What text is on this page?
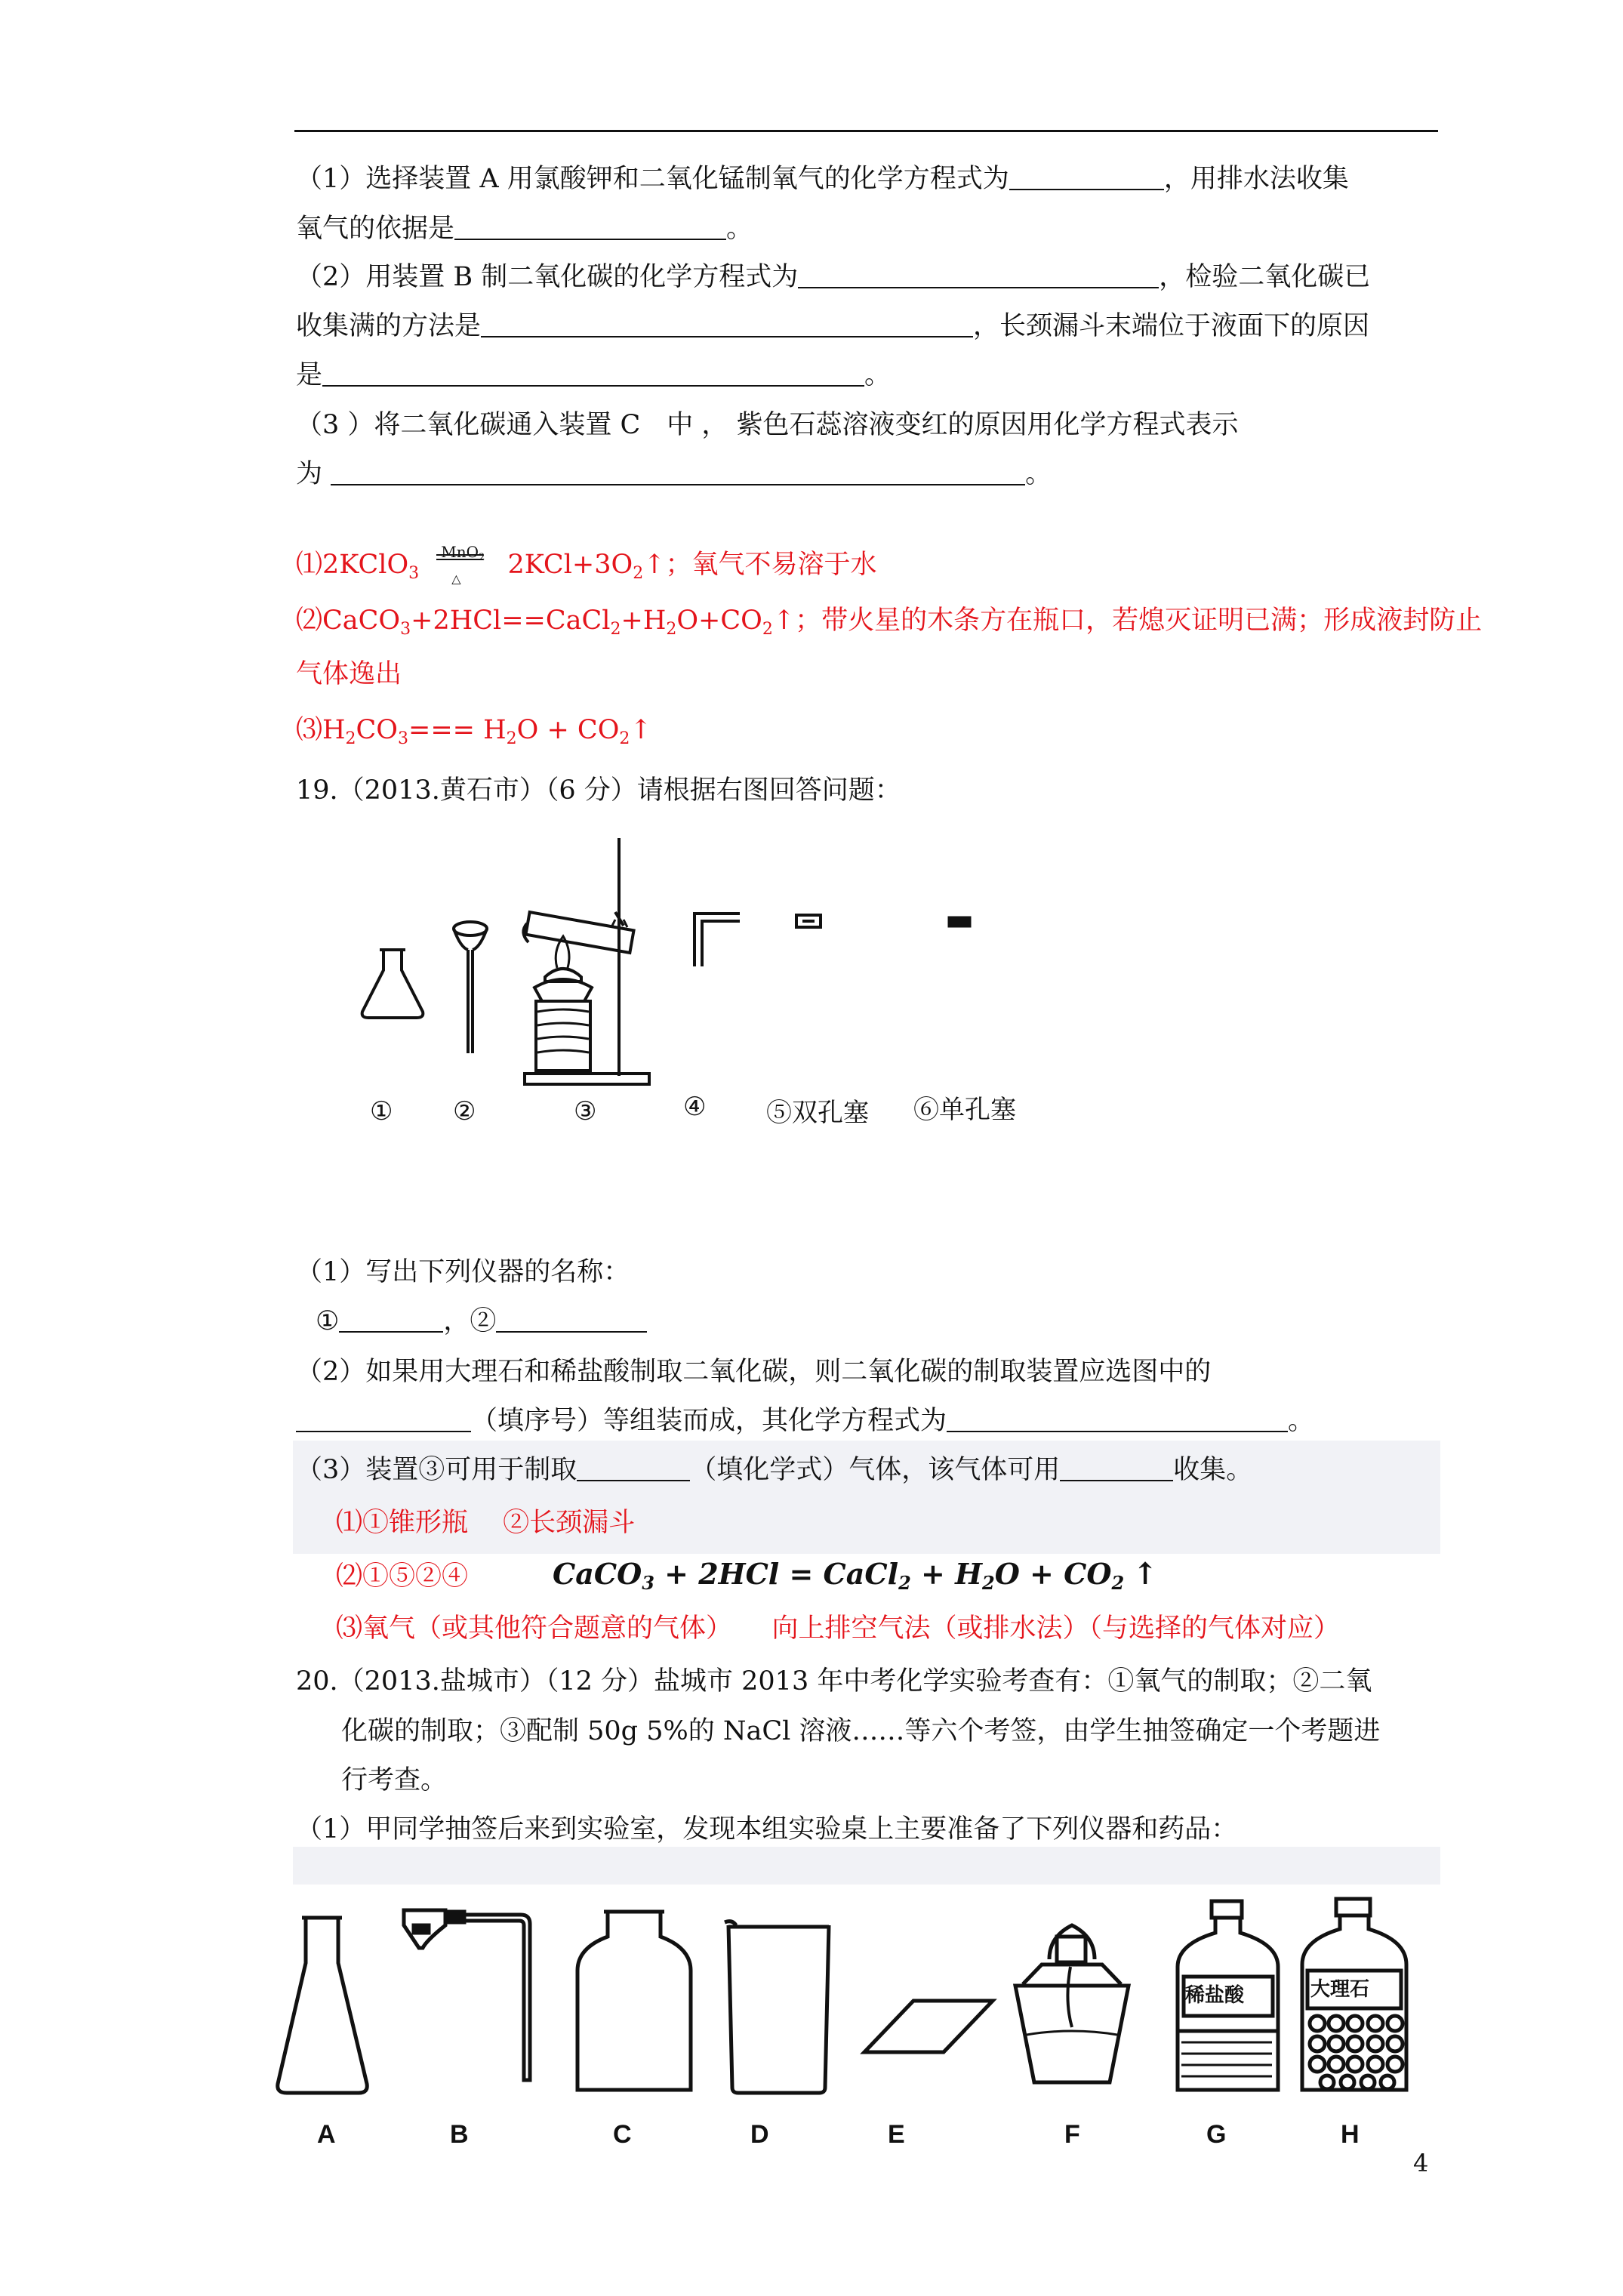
（1）选择装置 A 用氯酸钾和二氧化锰制氧气的化学方程式为	，用排水法收集
氧气的依据是	。
（2）用装置 B 制二氧化碳的化学方程式为	，检验二氧化碳已
收集满的方法是	，长颈漏斗末端位于液面下的原因
是	。
（3 ）将二氧化碳通入装置 C　中 ， 紫色石蕊溶液变红的原因用化学方程式表示
为	。
⑴2KClO$_3$
MnO$_2$
△ $2KCl+3O_2↑$；氧气不易溶于水
$⑵CaCO_3+2HCl==CaCl_2+H_2O+CO_2↑$；带火星的木条方在瓶口，若熄灭证明已满；形成液封防止
气体逸出
$⑶H_2CO_3=== H_2O$ + $CO_2↑$
19.（2013.黄石市）（6 分）请根据右图回答问题：
① ②	③	④ ⑤双孔塞 ⑥单孔塞
（1）写出下列仪器的名称：
①	，②
（2）如果用大理石和稀盐酸制取二氧化碳，则二氧化碳的制取装置应选图中的
（填序号）等组装而成，其化学方程式为	。
（3）装置③可用于制取	（填化学式）气体，该气体可用	收集。
⑴①锥形瓶　 ②长颈漏斗
⑵①⑤②④	CaCO$_3$ + 2HCl = CaCl$_2$ + $H_2O + CO_2$ ↑
⑶氧气（或其他符合题意的气体）　　向上排空气法（或排水法）（与选择的气体对应）
20.（2013.盐城市）（12 分）盐城市 2013 年中考化学实验考查有：①氧气的制取；②二氧
化碳的制取；③配制 50g 5%的 NaCl 溶液……等六个考签，由学生抽签确定一个考题进
行考查。
（1）甲同学抽签后来到实验室，发现本组实验桌上主要准备了下列仪器和药品：
稀盐酸	大理石
A	B	C	D	E	F	G	H
4
